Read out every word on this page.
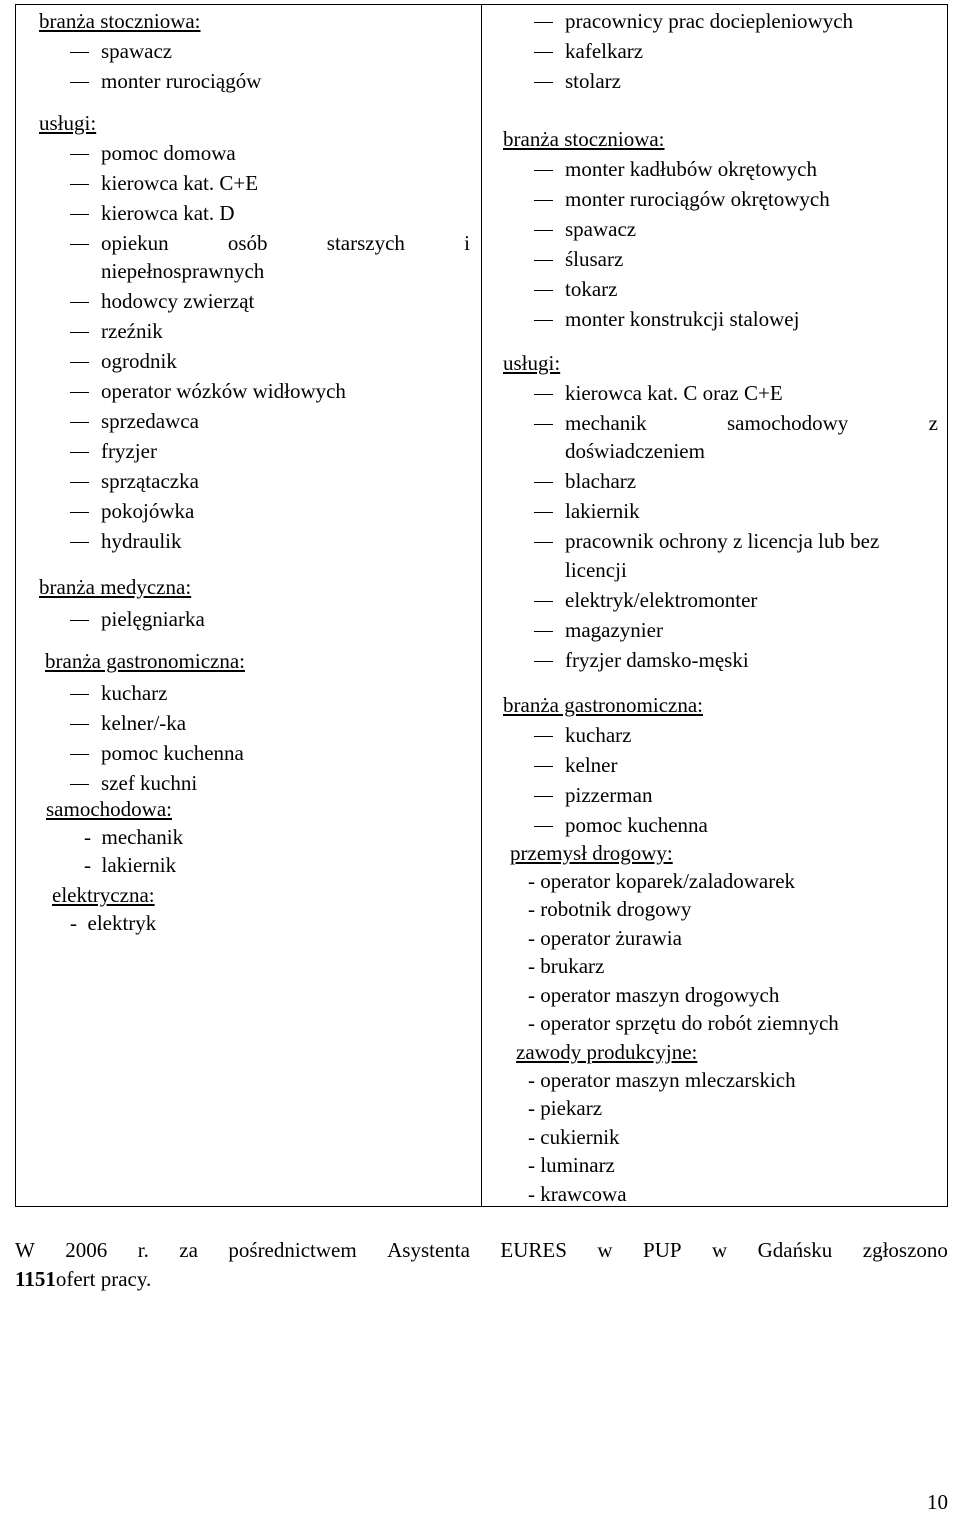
branża stoczniowa:
spawacz
monter rurociągów
usługi:
pomoc domowa
kierowca kat. C+E
kierowca kat. D
opiekun	osób	starszych	i
niepełnosprawnych
hodowcy zwierząt
rzeźnik
ogrodnik
operator wózków widłowych
sprzedawca
fryzjer
sprzątaczka
pokojówka
hydraulik
branża medyczna:
pielęgniarka
branża gastronomiczna:
kucharz
kelner/-ka
pomoc kuchenna
szef kuchni
samochodowa:
-  mechanik
-  lakiernik
elektryczna:
-  elektryk
pracownicy prac dociepleniowych
kafelkarz
stolarz
branża stoczniowa:
monter kadłubów okrętowych
monter rurociągów okrętowych
spawacz
ślusarz
tokarz
monter konstrukcji stalowej
usługi:
kierowca kat. C oraz C+E
mechanik	samochodowy	z
doświadczeniem
blacharz
lakiernik
pracownik ochrony z licencja lub bez
licencji
elektryk/elektromonter
magazynier
fryzjer damsko-męski
branża gastronomiczna:
kucharz
kelner
pizzerman
pomoc kuchenna
przemysł drogowy:
- operator koparek/zaladowarek
- robotnik drogowy
- operator żurawia
- brukarz
- operator maszyn drogowych
- operator sprzętu do robót ziemnych
zawody produkcyjne:
- operator maszyn mleczarskich
- piekarz
- cukiernik
- luminarz
- krawcowa
W 2006 r. za pośrednictwem Asystenta EURES w PUP w Gdańsku zgłoszono
1151ofert pracy.
10
